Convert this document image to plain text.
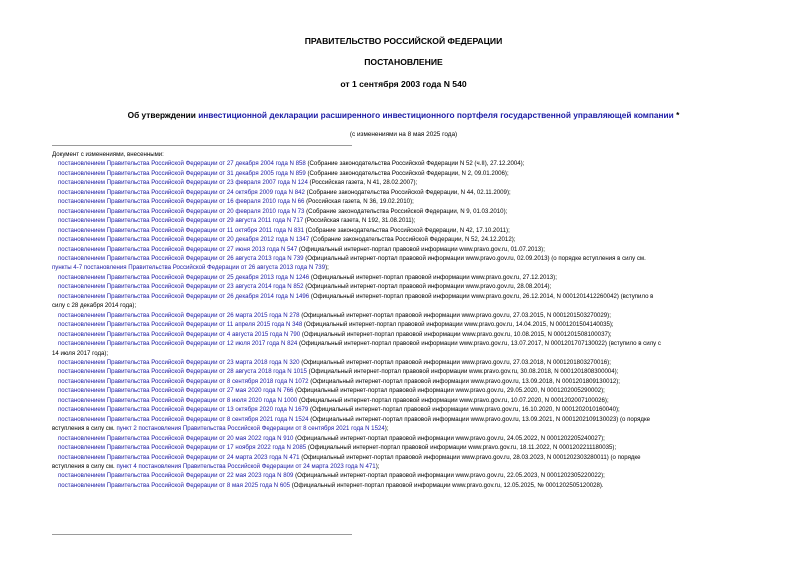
ПРАВИТЕЛЬСТВО РОССИЙСКОЙ ФЕДЕРАЦИИ
ПОСТАНОВЛЕНИЕ
от 1 сентября 2003 года N 540
Об утверждении инвестиционной декларации расширенного инвестиционного портфеля государственной управляющей компании *
(с изменениями на 8 мая 2025 года)
Документ с изменениями, внесенными:
постановлением Правительства Российской Федерации от 27 декабря 2004 года N 858 (Собрание законодательства Российской Федерации N 52 (ч.II), 27.12.2004);
постановлением Правительства Российской Федерации от 31 декабря 2005 года N 859 (Собрание законодательства Российской Федерации, N 2, 09.01.2006);
постановлением Правительства Российской Федерации от 23 февраля 2007 года N 124 (Российская газета, N 41, 28.02.2007);
постановлением Правительства Российской Федерации от 24 октября 2009 года N 842 (Собрание законодательства Российской Федерации, N 44, 02.11.2009);
постановлением Правительства Российской Федерации от 16 февраля 2010 года N 66 (Российская газета, N 36, 19.02.2010);
постановлением Правительства Российской Федерации от 20 февраля 2010 года N 73 (Собрание законодательства Российской Федерации, N 9, 01.03.2010);
постановлением Правительства Российской Федерации от 29 августа 2011 года N 717 (Российская газета, N 192, 31.08.2011);
постановлением Правительства Российской Федерации от 11 октября 2011 года N 831 (Собрание законодательства Российской Федерации, N 42, 17.10.2011);
постановлением Правительства Российской Федерации от 20 декабря 2012 года N 1347 (Собрание законодательства Российской Федерации, N 52, 24.12.2012);
постановлением Правительства Российской Федерации от 27 июня 2013 года N 547 (Официальный интернет-портал правовой информации www.pravo.gov.ru, 01.07.2013);
постановлением Правительства Российской Федерации от 26 августа 2013 года N 739 (Официальный интернет-портал правовой информации www.pravo.gov.ru, 02.09.2013) (о порядке вступления в силу см.
пункты 4-7 постановления Правительства Российской Федерации от 26 августа 2013 года N 739);
постановлением Правительства Российской Федерации от 25 декабря 2013 года N 1246 (Официальный интернет-портал правовой информации www.pravo.gov.ru, 27.12.2013);
постановлением Правительства Российской Федерации от 23 августа 2014 года N 852 (Официальный интернет-портал правовой информации www.pravo.gov.ru, 28.08.2014);
постановлением Правительства Российской Федерации от 26 декабря 2014 года N 1496 (Официальный интернет-портал правовой информации www.pravo.gov.ru, 26.12.2014, N 0001201412260042) (вступило в
силу с 28 декабря 2014 года);
постановлением Правительства Российской Федерации от 26 марта 2015 года N 278 (Официальный интернет-портал правовой информации www.pravo.gov.ru, 27.03.2015, N 0001201503270029);
постановлением Правительства Российской Федерации от 11 апреля 2015 года N 348 (Официальный интернет-портал правовой информации www.pravo.gov.ru, 14.04.2015, N 0001201504140035);
постановлением Правительства Российской Федерации от 4 августа 2015 года N 790 (Официальный интернет-портал правовой информации www.pravo.gov.ru, 10.08.2015, N 0001201508100037);
постановлением Правительства Российской Федерации от 12 июля 2017 года N 824 (Официальный интернет-портал правовой информации www.pravo.gov.ru, 13.07.2017, N 0001201707130022) (вступило в силу с
14 июля 2017 года);
постановлением Правительства Российской Федерации от 23 марта 2018 года N 320 (Официальный интернет-портал правовой информации www.pravo.gov.ru, 27.03.2018, N 0001201803270016);
постановлением Правительства Российской Федерации от 28 августа 2018 года N 1015 (Официальный интернет-портал правовой информации www.pravo.gov.ru, 30.08.2018, N 0001201808300004);
постановлением Правительства Российской Федерации от 8 сентября 2018 года N 1072 (Официальный интернет-портал правовой информации www.pravo.gov.ru, 13.09.2018, N 0001201809130012);
постановлением Правительства Российской Федерации от 27 мая 2020 года N 766 (Официальный интернет-портал правовой информации www.pravo.gov.ru, 29.05.2020, N 0001202005290002);
постановлением Правительства Российской Федерации от 8 июля 2020 года N 1000 (Официальный интернет-портал правовой информации www.pravo.gov.ru, 10.07.2020, N 0001202007100026);
постановлением Правительства Российской Федерации от 13 октября 2020 года N 1679 (Официальный интернет-портал правовой информации www.pravo.gov.ru, 16.10.2020, N 0001202010160040);
постановлением Правительства Российской Федерации от 8 сентября 2021 года N 1524 (Официальный интернет-портал правовой информации www.pravo.gov.ru, 13.09.2021, N 0001202109130023) (о порядке
вступления в силу см. пункт 2 постановления Правительства Российской Федерации от 8 сентября 2021 года N 1524);
постановлением Правительства Российской Федерации от 20 мая 2022 года N 910 (Официальный интернет-портал правовой информации www.pravo.gov.ru, 24.05.2022, N 0001202205240027);
постановлением Правительства Российской Федерации от 17 ноября 2022 года N 2085 (Официальный интернет-портал правовой информации www.pravo.gov.ru, 18.11.2022, N 0001202211180035);
постановлением Правительства Российской Федерации от 24 марта 2023 года N 471 (Официальный интернет-портал правовой информации www.pravo.gov.ru, 28.03.2023, N 0001202303280011) (о порядке
вступления в силу см. пункт 4 постановления Правительства Российской Федерации от 24 марта 2023 года N 471);
постановлением Правительства Российской Федерации от 22 мая 2023 года N 809 (Официальный интернет-портал правовой информации www.pravo.gov.ru, 22.05.2023, N 0001202305220022);
постановлением Правительства Российской Федерации от 8 мая 2025 года N 605 (Официальный интернет-портал правовой информации www.pravo.gov.ru, 12.05.2025, № 0001202505120028).
